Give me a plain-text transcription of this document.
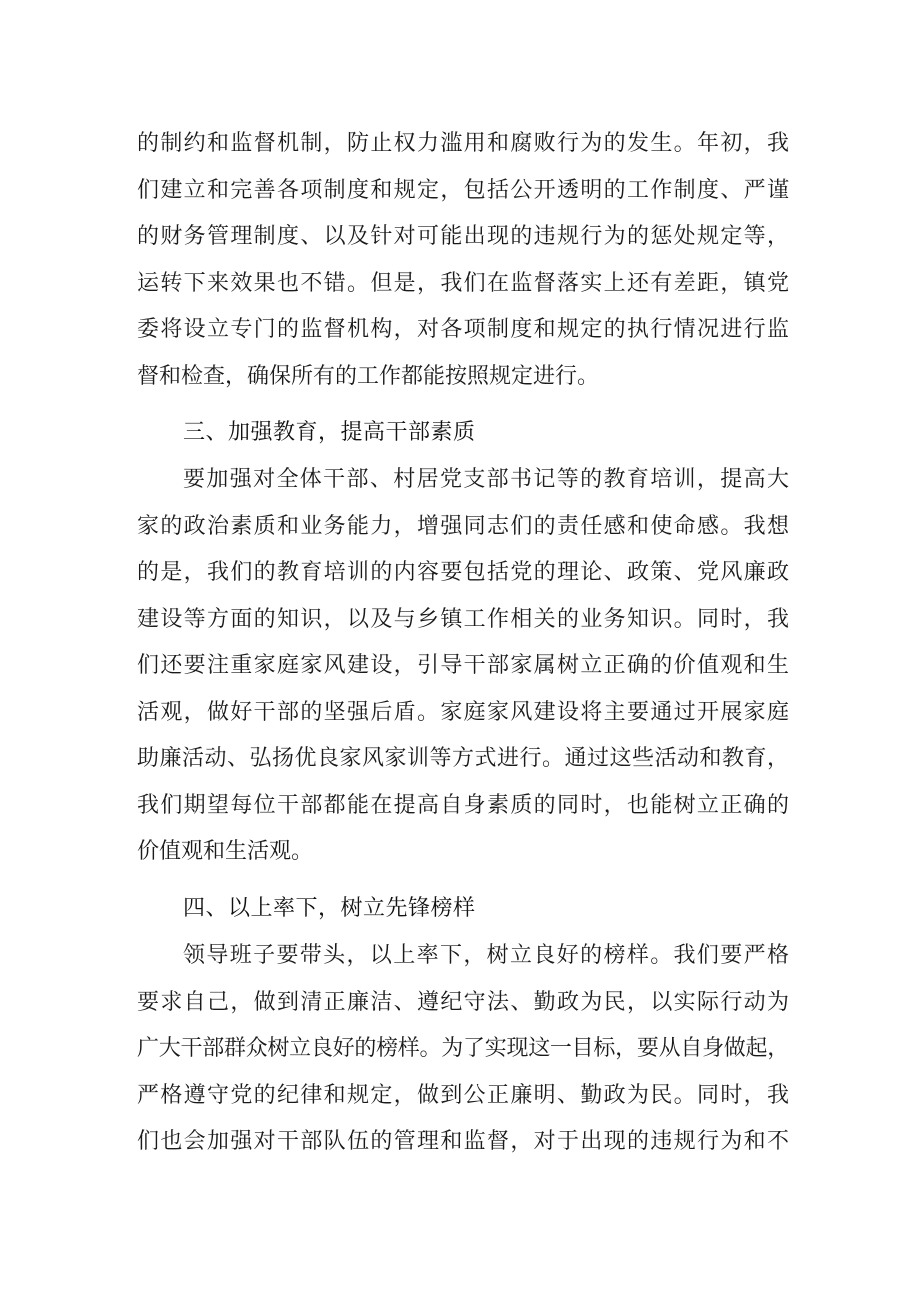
的制约和监督机制，防止权力滥用和腐败行为的发生。年初，我
们建立和完善各项制度和规定，包括公开透明的工作制度、严谨
的财务管理制度、以及针对可能出现的违规行为的惩处规定等，
运转下来效果也不错。但是，我们在监督落实上还有差距，镇党
委将设立专门的监督机构，对各项制度和规定的执行情况进行监
督和检查，确保所有的工作都能按照规定进行。
三、加强教育，提高干部素质
要加强对全体干部、村居党支部书记等的教育培训，提高大
家的政治素质和业务能力，增强同志们的责任感和使命感。我想
的是，我们的教育培训的内容要包括党的理论、政策、党风廉政
建设等方面的知识，以及与乡镇工作相关的业务知识。同时，我
们还要注重家庭家风建设，引导干部家属树立正确的价值观和生
活观，做好干部的坚强后盾。家庭家风建设将主要通过开展家庭
助廉活动、弘扬优良家风家训等方式进行。通过这些活动和教育，
我们期望每位干部都能在提高自身素质的同时，也能树立正确的
价值观和生活观。
四、以上率下，树立先锋榜样
领导班子要带头，以上率下，树立良好的榜样。我们要严格
要求自己，做到清正廉洁、遵纪守法、勤政为民，以实际行动为
广大干部群众树立良好的榜样。为了实现这一目标，要从自身做起，
严格遵守党的纪律和规定，做到公正廉明、勤政为民。同时，我
们也会加强对干部队伍的管理和监督，对于出现的违规行为和不
